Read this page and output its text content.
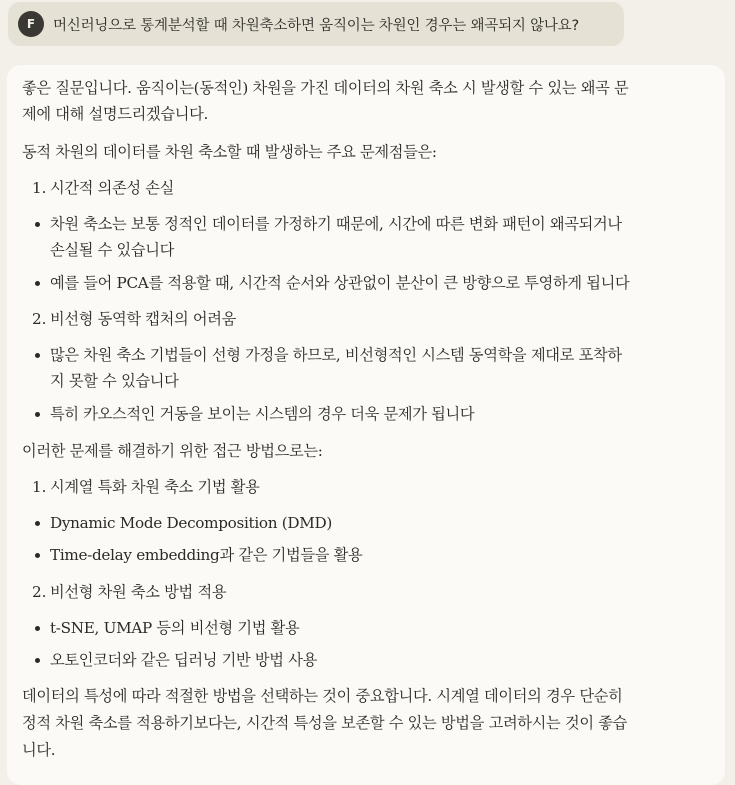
F	머신러닝으로 통계분석할 때 차원축소하면 움직이는 차원인 경우는 왜곡되지 않나요?
좋은 질문입니다. 움직이는(동적인) 차원을 가진 데이터의 차원 축소 시 발생할 수 있는 왜곡 문
제에 대해 설명드리겠습니다.
동적 차원의 데이터를 차원 축소할 때 발생하는 주요 문제점들은:
1. 시간적 의존성 손실
차원 축소는 보통 정적인 데이터를 가정하기 때문에, 시간에 따른 변화 패턴이 왜곡되거나
손실될 수 있습니다
예를 들어 PCA를 적용할 때, 시간적 순서와 상관없이 분산이 큰 방향으로 투영하게 됩니다
2. 비선형 동역학 캡처의 어려움
많은 차원 축소 기법들이 선형 가정을 하므로, 비선형적인 시스템 동역학을 제대로 포착하
지 못할 수 있습니다
특히 카오스적인 거동을 보이는 시스템의 경우 더욱 문제가 됩니다
이러한 문제를 해결하기 위한 접근 방법으로는:
1. 시계열 특화 차원 축소 기법 활용
Dynamic Mode Decomposition (DMD)
Time-delay embedding과 같은 기법들을 활용
2. 비선형 차원 축소 방법 적용
t-SNE, UMAP 등의 비선형 기법 활용
오토인코더와 같은 딥러닝 기반 방법 사용
데이터의 특성에 따라 적절한 방법을 선택하는 것이 중요합니다. 시계열 데이터의 경우 단순히
정적 차원 축소를 적용하기보다는, 시간적 특성을 보존할 수 있는 방법을 고려하시는 것이 좋습
니다.
